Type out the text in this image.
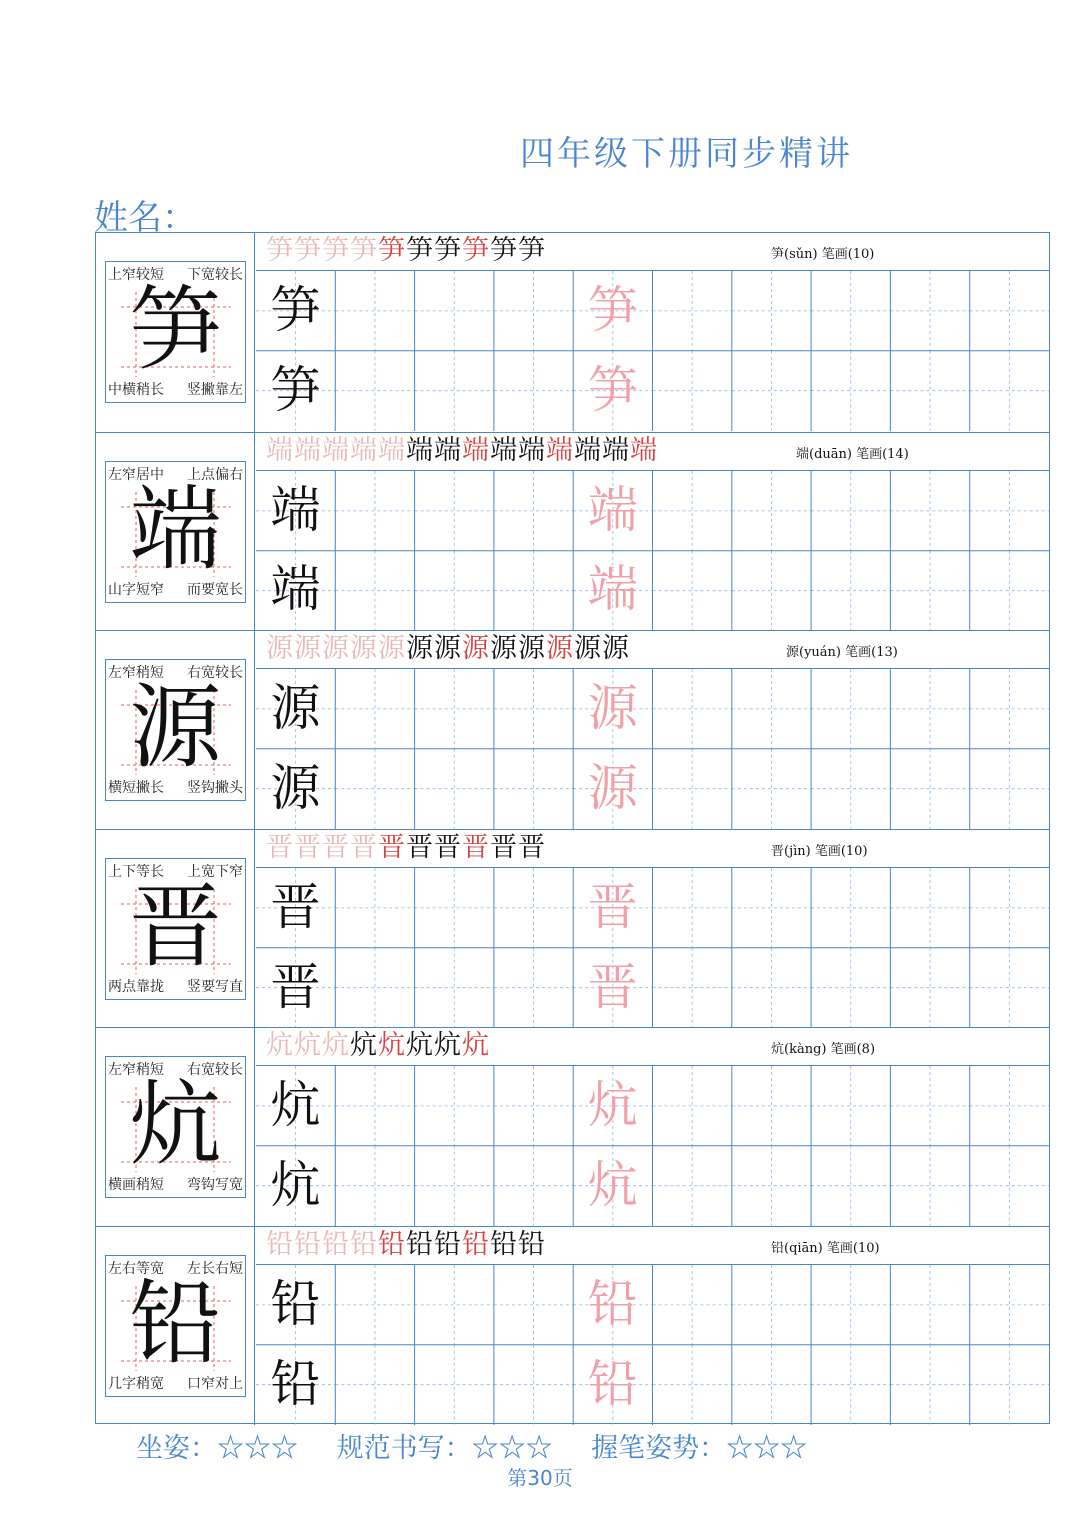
四年级下册同步精讲
姓名：
笋
上窄较短 下宽较长
中横稍长 竖撇靠左
笋笋笋笋笋笋笋笋笋笋	笋(sǔn) 笔画(10)
笋	笋
笋	笋
端
左窄居中 上点偏右
山字短窄 而要宽长
端端端端端端端端端端端端端端	端(duān) 笔画(14)
端	端
端	端
源
左窄稍短 右宽较长
横短撇长 竖钩撇头
源源源源源源源源源源源源源	源(yuán) 笔画(13)
源	源
源	源
晋
上下等长 上宽下窄
两点靠拢 竖要写直
晋晋晋晋晋晋晋晋晋晋	晋(jìn) 笔画(10)
晋	晋
晋	晋
炕
左窄稍短 右宽较长
横画稍短 弯钩写宽
炕炕炕炕炕炕炕炕	炕(kàng) 笔画(8)
炕	炕
炕	炕
铅
左右等宽 左长右短
几字稍宽 口窄对上
铅铅铅铅铅铅铅铅铅铅	铅(qiān) 笔画(10)
铅	铅
铅	铅
坐姿：☆☆☆ 规范书写：☆☆☆ 握笔姿势：☆☆☆
第30页
